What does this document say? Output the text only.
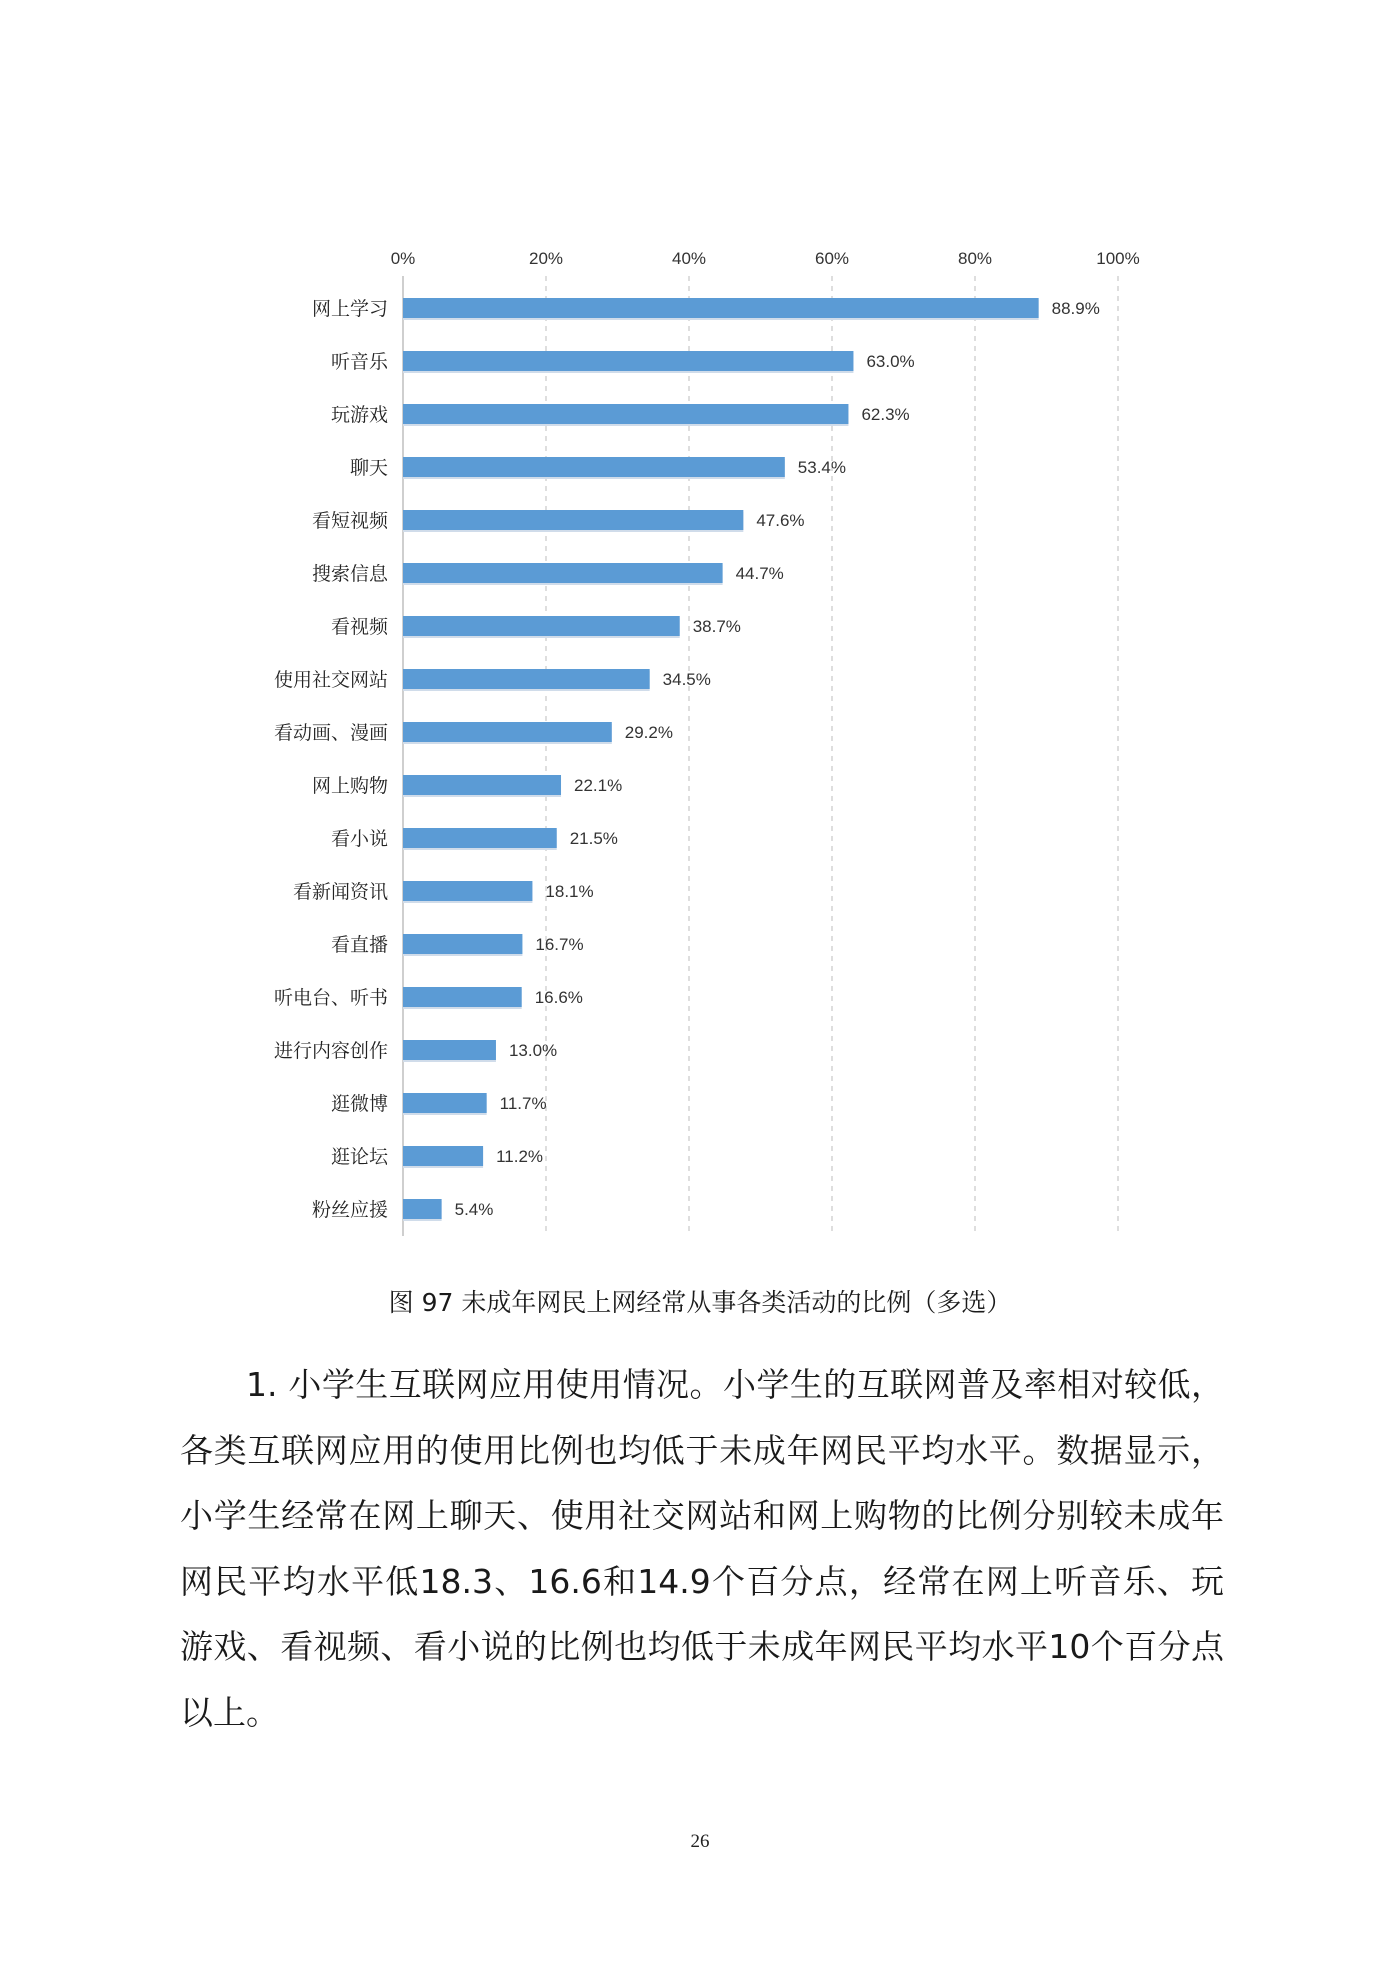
0%	20%	40%	60%	80%	100%
网上学习
听音乐
玩游戏
聊天
看短视频
搜索信息
看视频
使用社交网站
看动画、漫画
网上购物
看小说
看新闻资讯
看直播
听电台、听书
进行内容创作
逛微博
逛论坛
粉丝应援
88.9%
63.0%
62.3%
53.4%
47.6%
44.7%
38.7%
34.5%
29.2%
22.1%
21.5%
18.1%
16.7%
16.6%
13.0%
11.7%
11.2%
5.4%
图 97 未成年网民上网经常从事各类活动的比例（多选）

1. 小学生互联网应用使用情况。小学生的互联网普及率相对较低，各类互联网应用的使用比例也均低于未成年网民平均水平。数据显示，小学生经常在网上聊天、使用社交网站和网上购物的比例分别较未成年网民平均水平低18.3、16.6和14.9个百分点，经常在网上听音乐、玩游戏、看视频、看小说的比例也均低于未成年网民平均水平10个百分点以上。

26
